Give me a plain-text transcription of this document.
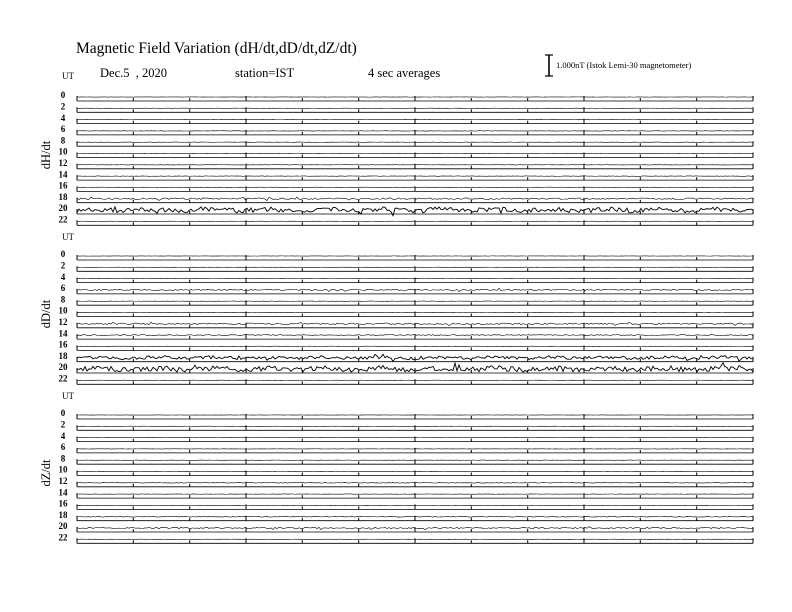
Magnetic Field Variation (dH/dt,dD/dt,dZ/dt)
Dec.5  , 2020	station=IST	4 sec averages
1.000nT (Istok Lemi-30 magnetometer)
UT
dH/dt
0
2
4
6
8
10
12
14
16
18
20
22
UT
dD/dt
0
2
4
6
8
10
12
14
16
18
20
22
UT
dZ/dt
0
2
4
6
8
10
12
14
16
18
20
22
